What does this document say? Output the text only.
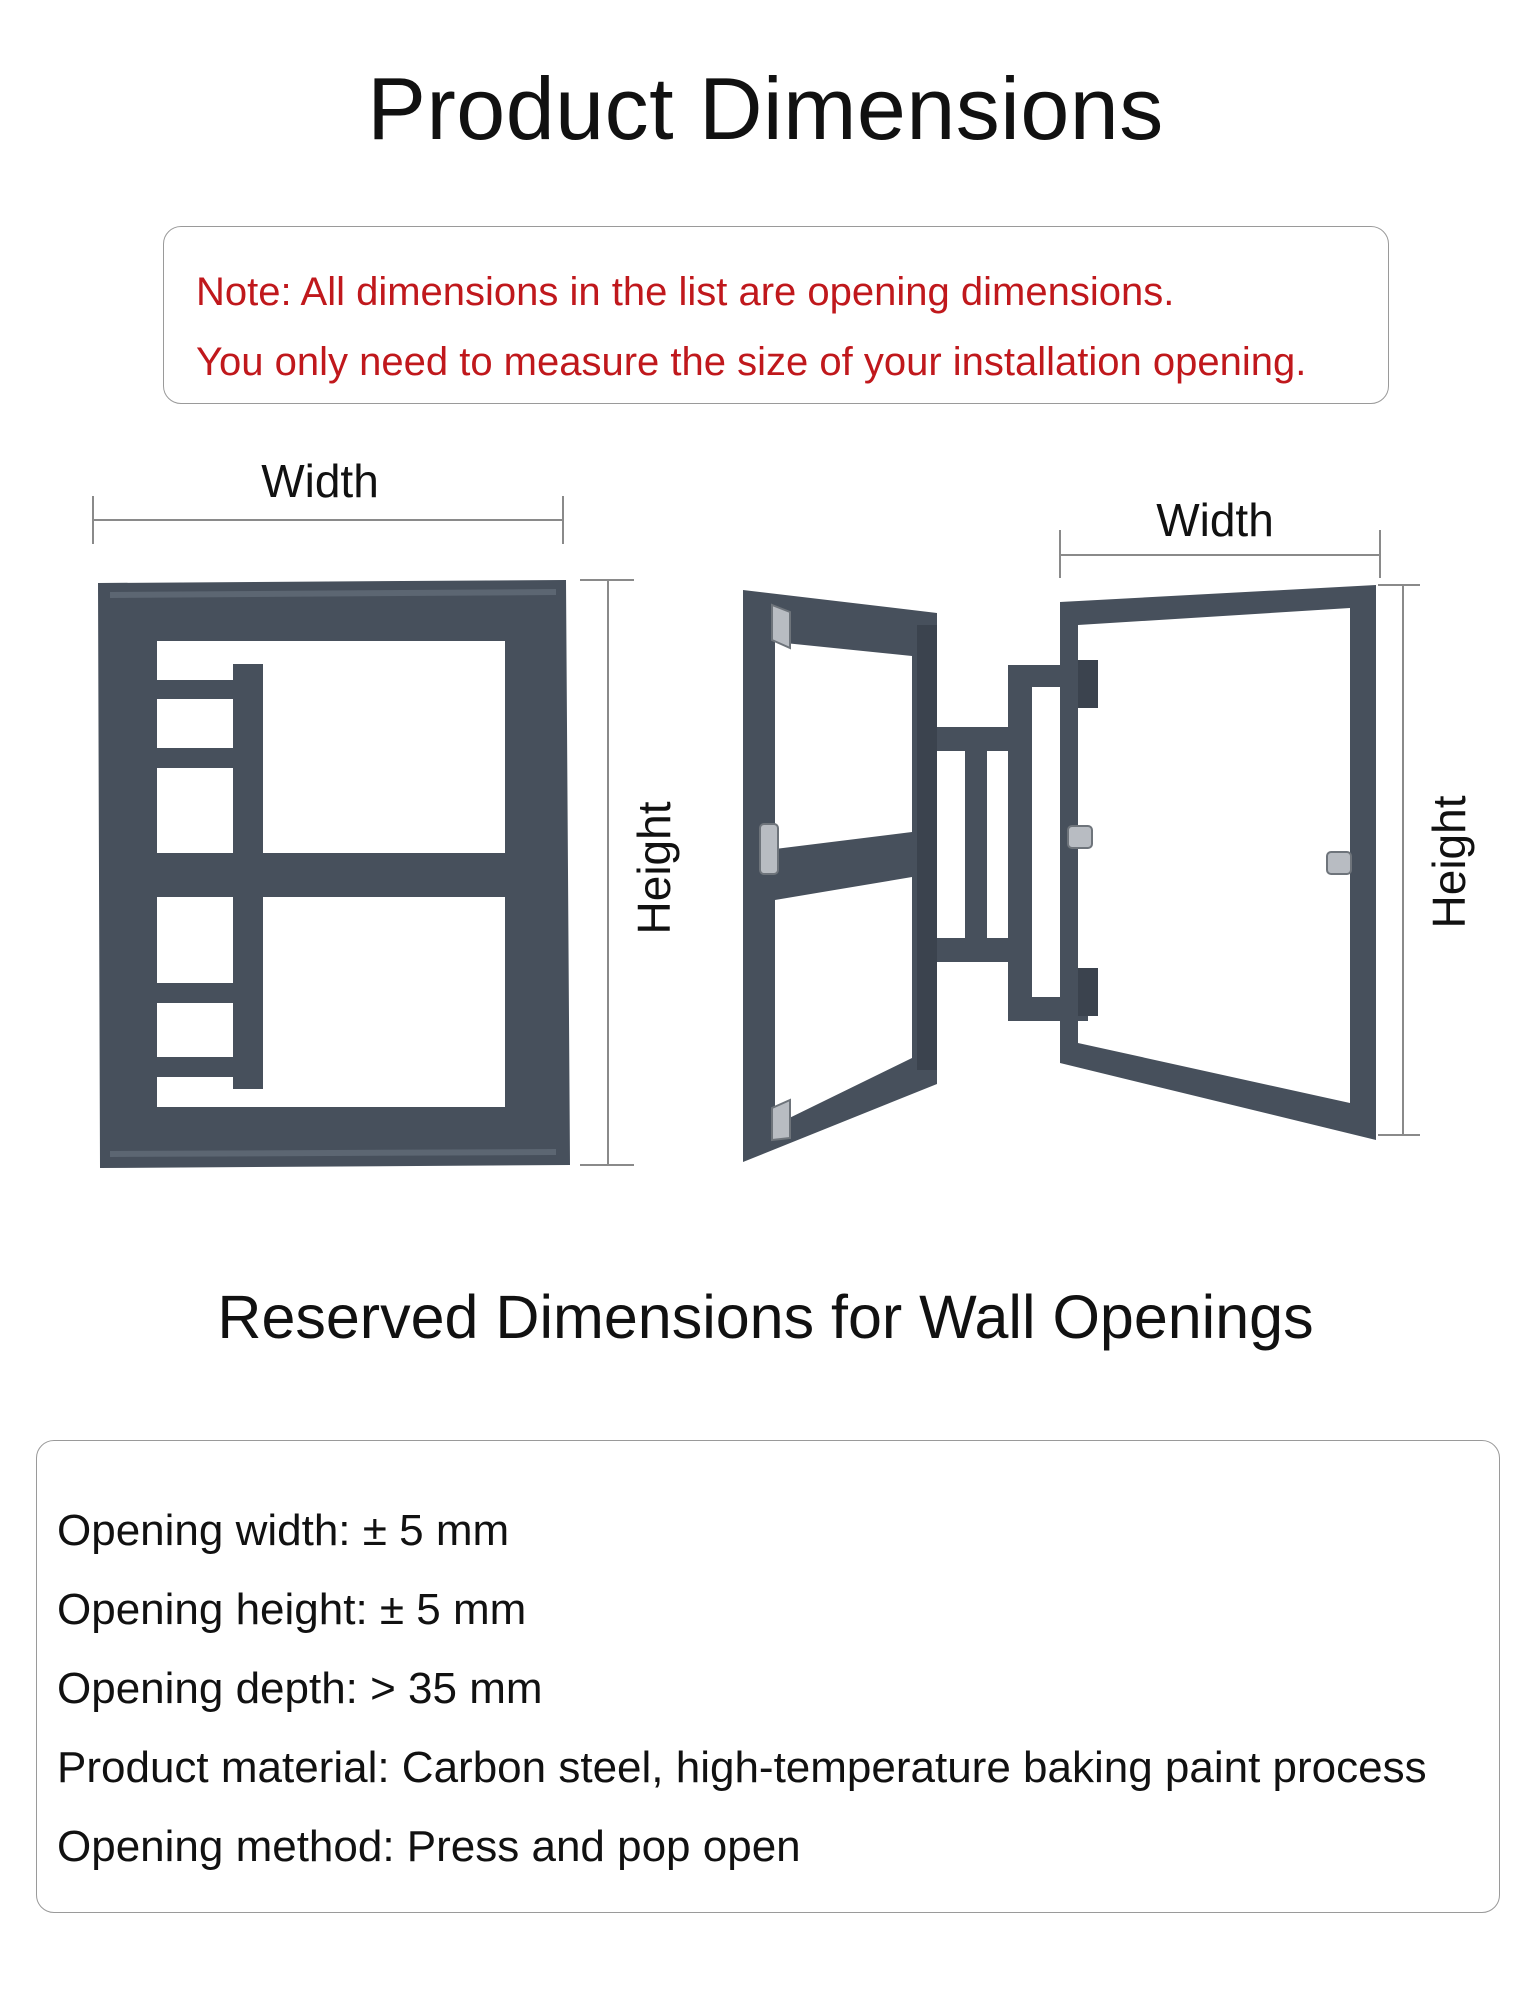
Product Dimensions
Note: All dimensions in the list are opening dimensions.
You only need to measure the size of your installation opening.
Width
Height
Width
Height
Reserved Dimensions for Wall Openings
Opening width: ± 5 mm
Opening height: ± 5 mm
Opening depth: > 35 mm
Product material: Carbon steel, high-temperature baking paint process
Opening method: Press and pop open
